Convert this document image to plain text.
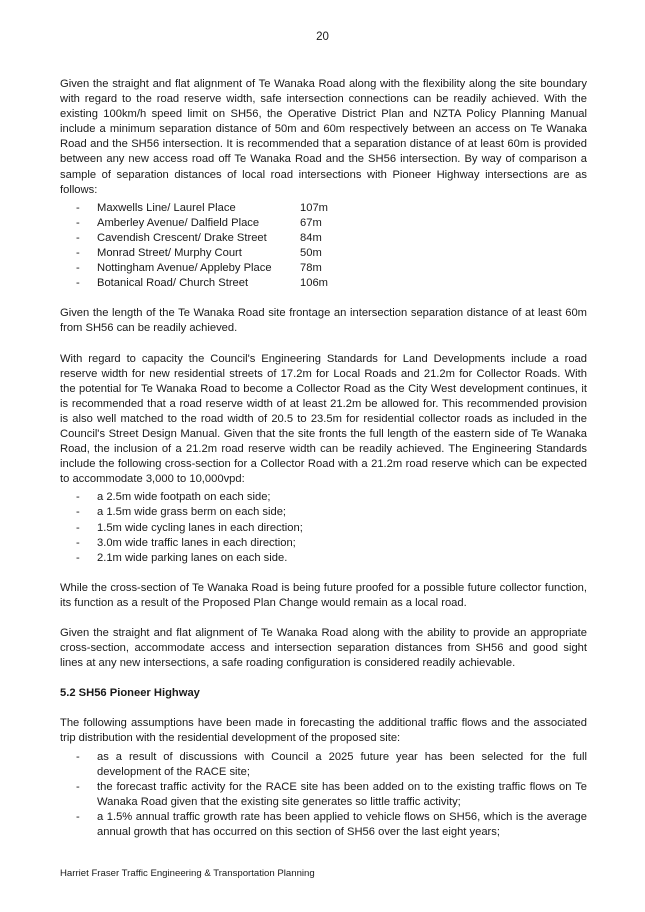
20

Given the straight and flat alignment of Te Wanaka Road along with the flexibility along the site boundary with regard to the road reserve width, safe intersection connections can be readily achieved. With the existing 100km/h speed limit on SH56, the Operative District Plan and NZTA Policy Planning Manual include a minimum separation distance of 50m and 60m respectively between an access on Te Wanaka Road and the SH56 intersection. It is recommended that a separation distance of at least 60m is provided between any new access road off Te Wanaka Road and the SH56 intersection. By way of comparison a sample of separation distances of local road intersections with Pioneer Highway intersections are as follows:

- Maxwells Line/ Laurel Place	107m
- Amberley Avenue/ Dalfield Place	67m
- Cavendish Crescent/ Drake Street	84m
- Monrad Street/ Murphy Court	50m
- Nottingham Avenue/ Appleby Place	78m
- Botanical Road/ Church Street	106m

Given the length of the Te Wanaka Road site frontage an intersection separation distance of at least 60m from SH56 can be readily achieved.

With regard to capacity the Council's Engineering Standards for Land Developments include a road reserve width for new residential streets of 17.2m for Local Roads and 21.2m for Collector Roads. With the potential for Te Wanaka Road to become a Collector Road as the City West development continues, it is recommended that a road reserve width of at least 21.2m be allowed for. This recommended provision is also well matched to the road width of 20.5 to 23.5m for residential collector roads as included in the Council's Street Design Manual. Given that the site fronts the full length of the eastern side of Te Wanaka Road, the inclusion of a 21.2m road reserve width can be readily achieved. The Engineering Standards include the following cross-section for a Collector Road with a 21.2m road reserve which can be expected to accommodate 3,000 to 10,000vpd:

- a 2.5m wide footpath on each side;
- a 1.5m wide grass berm on each side;
- 1.5m wide cycling lanes in each direction;
- 3.0m wide traffic lanes in each direction;
- 2.1m wide parking lanes on each side.

While the cross-section of Te Wanaka Road is being future proofed for a possible future collector function, its function as a result of the Proposed Plan Change would remain as a local road.

Given the straight and flat alignment of Te Wanaka Road along with the ability to provide an appropriate cross-section, accommodate access and intersection separation distances from SH56 and good sight lines at any new intersections, a safe roading configuration is considered readily achievable.

5.2 SH56 Pioneer Highway

The following assumptions have been made in forecasting the additional traffic flows and the associated trip distribution with the residential development of the proposed site:

- as a result of discussions with Council a 2025 future year has been selected for the full development of the RACE site;
- the forecast traffic activity for the RACE site has been added on to the existing traffic flows on Te Wanaka Road given that the existing site generates so little traffic activity;
- a 1.5% annual traffic growth rate has been applied to vehicle flows on SH56, which is the average annual growth that has occurred on this section of SH56 over the last eight years;
Harriet Fraser Traffic Engineering & Transportation Planning
